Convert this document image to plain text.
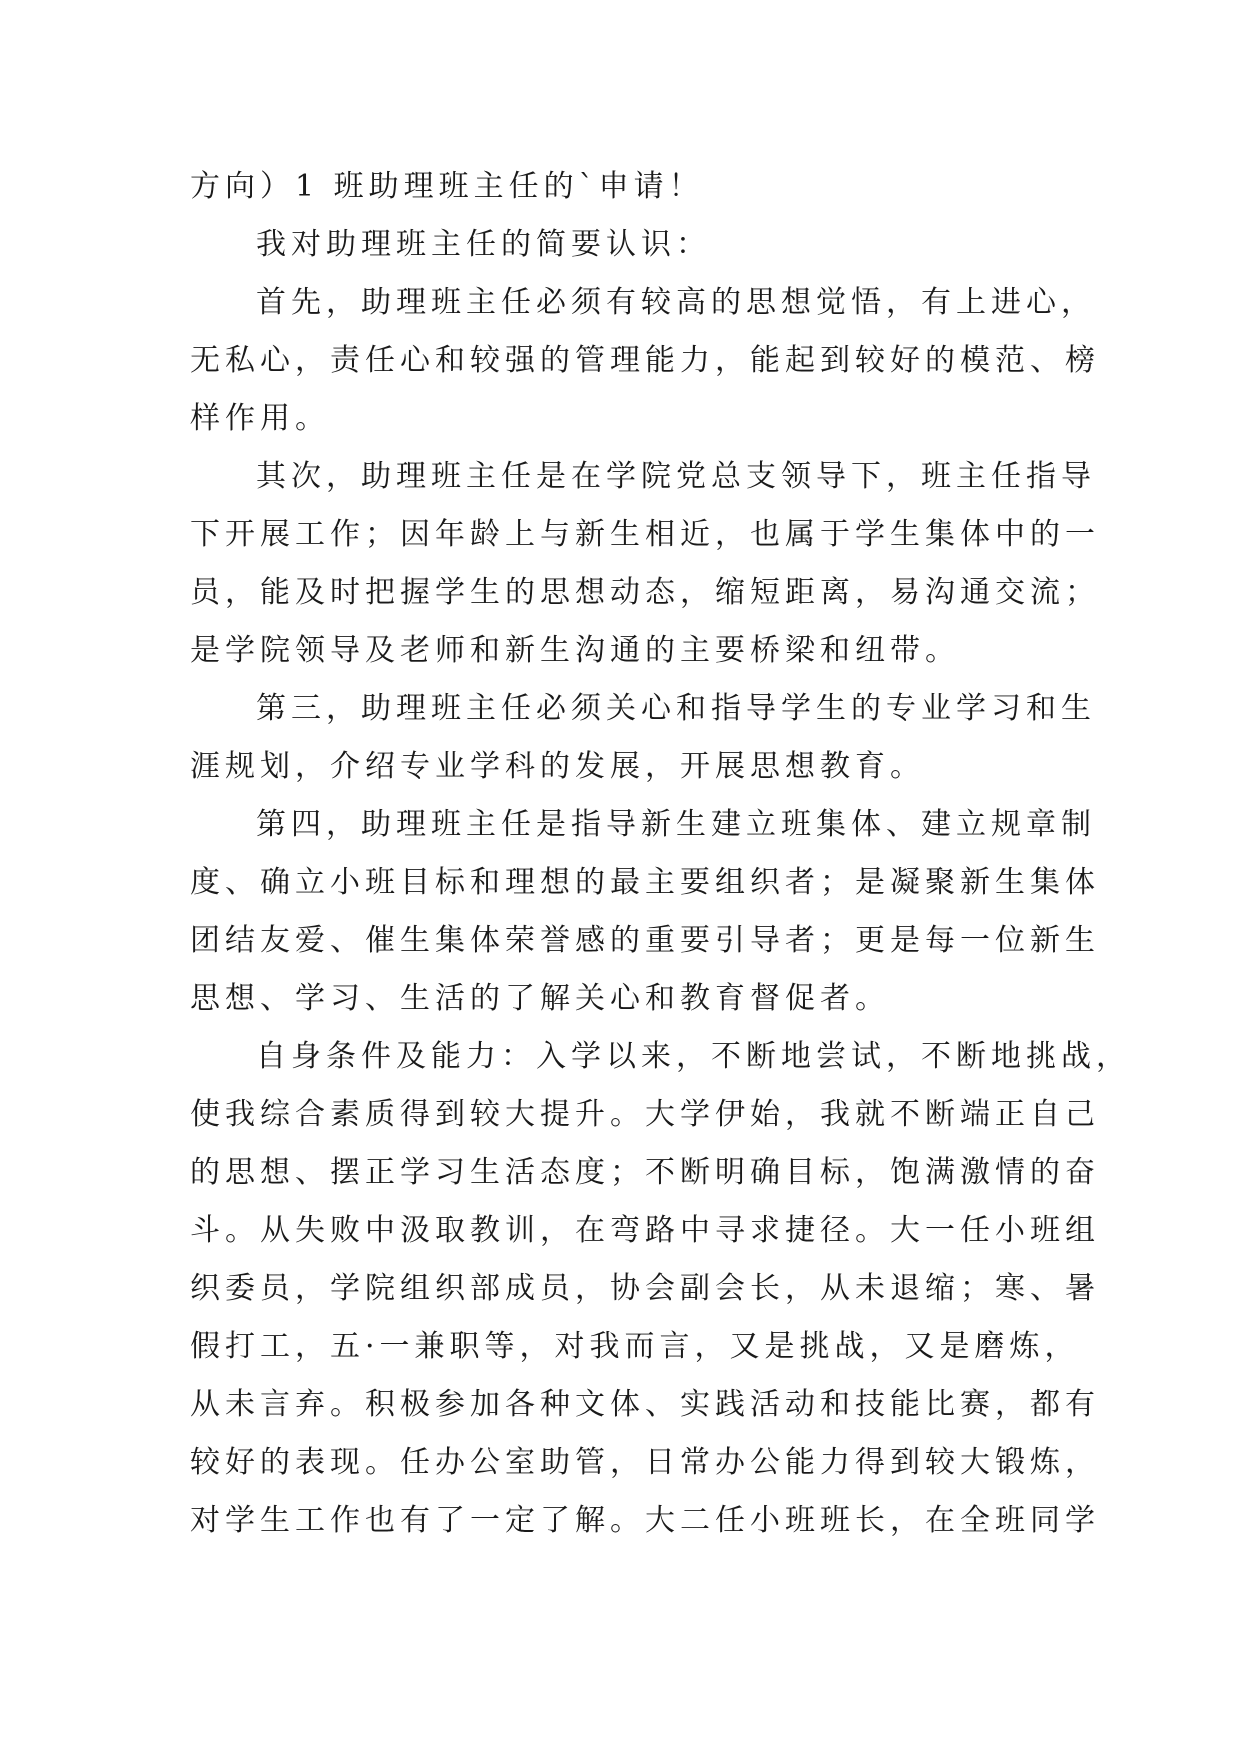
方向）1 班助理班主任的`申请！
我对助理班主任的简要认识：
首先，助理班主任必须有较高的思想觉悟，有上进心，
无私心，责任心和较强的管理能力，能起到较好的模范、榜
样作用。
其次，助理班主任是在学院党总支领导下，班主任指导
下开展工作；因年龄上与新生相近，也属于学生集体中的一
员，能及时把握学生的思想动态，缩短距离，易沟通交流；
是学院领导及老师和新生沟通的主要桥梁和纽带。
第三，助理班主任必须关心和指导学生的专业学习和生
涯规划，介绍专业学科的发展，开展思想教育。
第四，助理班主任是指导新生建立班集体、建立规章制
度、确立小班目标和理想的最主要组织者；是凝聚新生集体
团结友爱、催生集体荣誉感的重要引导者；更是每一位新生
思想、学习、生活的了解关心和教育督促者。
自身条件及能力：入学以来，不断地尝试，不断地挑战，
使我综合素质得到较大提升。大学伊始，我就不断端正自己
的思想、摆正学习生活态度；不断明确目标，饱满激情的奋
斗。从失败中汲取教训，在弯路中寻求捷径。大一任小班组
织委员，学院组织部成员，协会副会长，从未退缩；寒、暑
假打工，五·一兼职等，对我而言，又是挑战，又是磨炼，
从未言弃。积极参加各种文体、实践活动和技能比赛，都有
较好的表现。任办公室助管，日常办公能力得到较大锻炼，
对学生工作也有了一定了解。大二任小班班长，在全班同学
